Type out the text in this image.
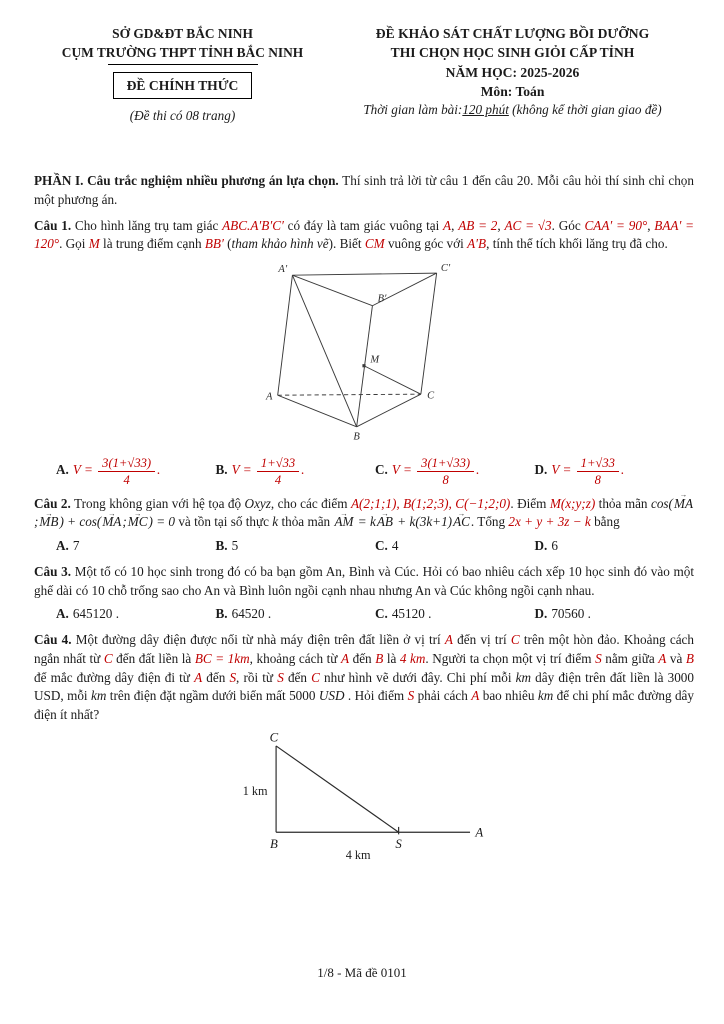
SỞ GD&ĐT BẮC NINH
CỤM TRƯỜNG THPT TỈNH BẮC NINH
ĐỀ CHÍNH THỨC
(Đề thi có 08 trang)
ĐỀ KHẢO SÁT CHẤT LƯỢNG BỒI DƯỠNG
THI CHỌN HỌC SINH GIỎI CẤP TỈNH
NĂM HỌC: 2025-2026
Môn: Toán
Thời gian làm bài:120 phút (không kể thời gian giao đề)

PHẦN I. Câu trắc nghiệm nhiều phương án lựa chọn. Thí sinh trả lời từ câu 1 đến câu 20. Mỗi câu hỏi thí sinh chỉ chọn một phương án.

Câu 1. Cho hình lăng trụ tam giác ABC.A′B′C′ có đáy là tam giác vuông tại A, AB = 2, AC = √3. Góc CAA′ = 90°, BAA′ = 120°. Gọi M là trung điểm cạnh BB′ (tham khảo hình vẽ). Biết CM vuông góc với A′B, tính thể tích khối lăng trụ đã cho.

A′	C′
B′
M
A	C
B
A. $V = \frac{3(1+√33)}{4}$ .	B. $V = \frac{1+√33}{4}$ .	C. $V = \frac{3(1+√33)}{8}$ .	D. $V = \frac{1+√33}{8}$ .

Câu 2. Trong không gian với hệ tọa độ Oxyz, cho các điểm A(2;1;1), B(1;2;3), C(−1;2;0). Điểm M(x;y;z) thỏa mãn cos(MA →;MB →) + cos(MA →;MC →) = 0 và tồn tại số thực k thỏa mãn AM → = kAB → + k(3k+1)AC →. Tổng 2x + y + 3z − k bằng

A. 7	B. 5	C. 4	D. 6

Câu 3. Một tổ có 10 học sinh trong đó có ba bạn gồm An, Bình và Cúc. Hỏi có bao nhiêu cách xếp 10 học sinh đó vào một ghế dài có 10 chỗ trống sao cho An và Bình luôn ngồi cạnh nhau nhưng An và Cúc không ngồi cạnh nhau.

A. 645120 .	B. 64520 .	C. 45120 .	D. 70560 .

Câu 4. Một đường dây điện được nối từ nhà máy điện trên đất liền ở vị trí A đến vị trí C trên một hòn đảo. Khoảng cách ngắn nhất từ C đến đất liền là BC = 1km, khoảng cách từ A đến B là 4 km. Người ta chọn một vị trí điểm S nằm giữa A và B để mắc đường dây điện đi từ A đến S, rồi từ S đến C như hình vẽ dưới đây. Chi phí mỗi km dây điện trên đất liền là 3000 USD, mỗi km trên điện đặt ngầm dưới biển mất 5000 USD . Hỏi điểm S phải cách A bao nhiêu km để chi phí mắc đường dây điện ít nhất?

C
1 km
B	S
A
4 km
1/8 - Mã đề 0101
